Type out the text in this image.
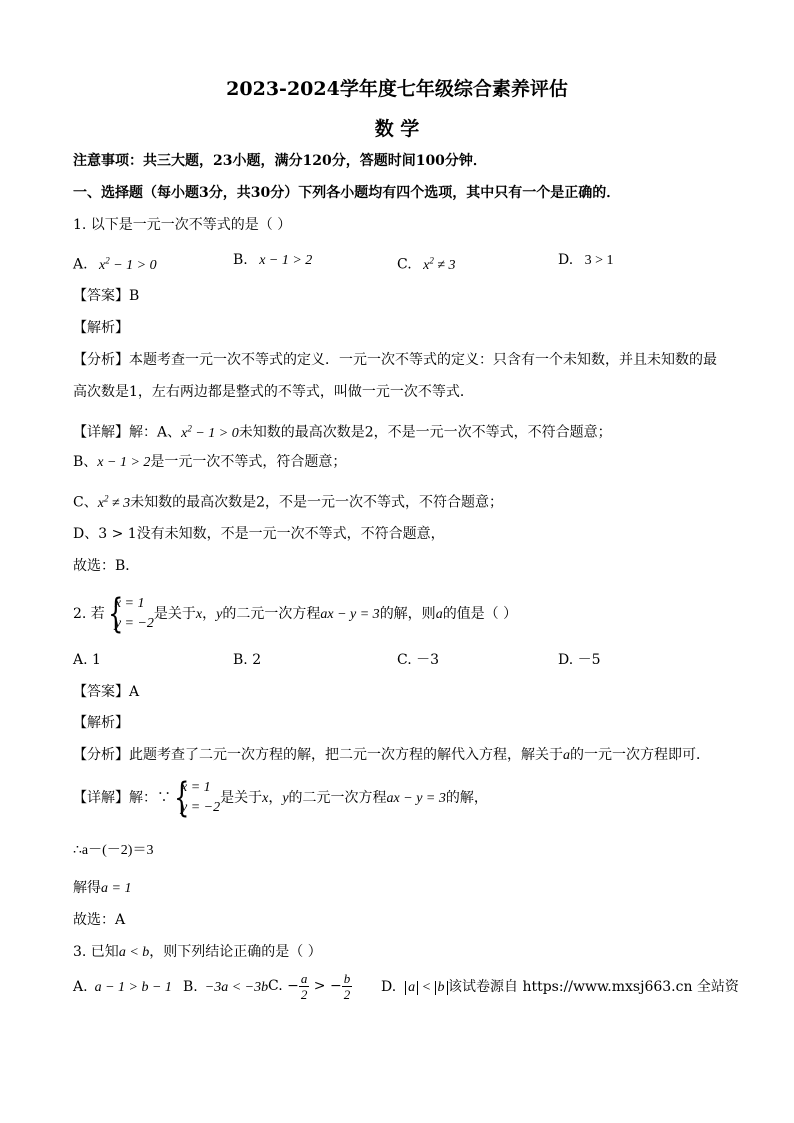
2023-2024学年度七年级综合素养评估
数 学
注意事项：共三大题，23小题，满分120分，答题时间100分钟．
一、选择题（每小题3分，共30分）下列各小题均有四个选项，其中只有一个是正确的．
1. 以下是一元一次不等式的是（ ）
A.   $x^2 - 1 > 0$	B.   x − 1 > 2	C.   $x^2 \ne 3$	D.   3 > 1
【答案】B
【解析】
【分析】本题考查一元一次不等式的定义．一元一次不等式的定义：只含有一个未知数，并且未知数的最
高次数是1，左右两边都是整式的不等式，叫做一元一次不等式．
【详解】解：A、$x^2 - 1 > 0$未知数的最高次数是2，不是一元一次不等式，不符合题意；
B、x − 1 > 2是一元一次不等式，符合题意；
C、$x^2 \ne 3$未知数的最高次数是2，不是一元一次不等式，不符合题意；
D、3 > 1没有未知数，不是一元一次不等式，不符合题意，
故选：B．
2. 若
{ x = 1
y = −2
是关于x，y的二元一次方程ax − y = 3的解，则a的值是（ ）
A. 1	B. 2	C. －3	D. －5
【答案】A
【解析】
【分析】此题考查了二元一次方程的解，把二元一次方程的解代入方程，解关于a的一元一次方程即可．
【详解】解：∵
{ x = 1
y = −2
是关于x，y的二元一次方程ax − y = 3的解，
∴a－(－2)＝3
解得a = 1
故选：A
3. 已知a < b，则下列结论正确的是（ ）
A.  a − 1 > b − 1 B.  −3a < −3b C. − $\frac{a}{2}$ > − $\frac{b}{2} D$. a < b 该试卷源自 https://www.mxsj663.cn 全站资
